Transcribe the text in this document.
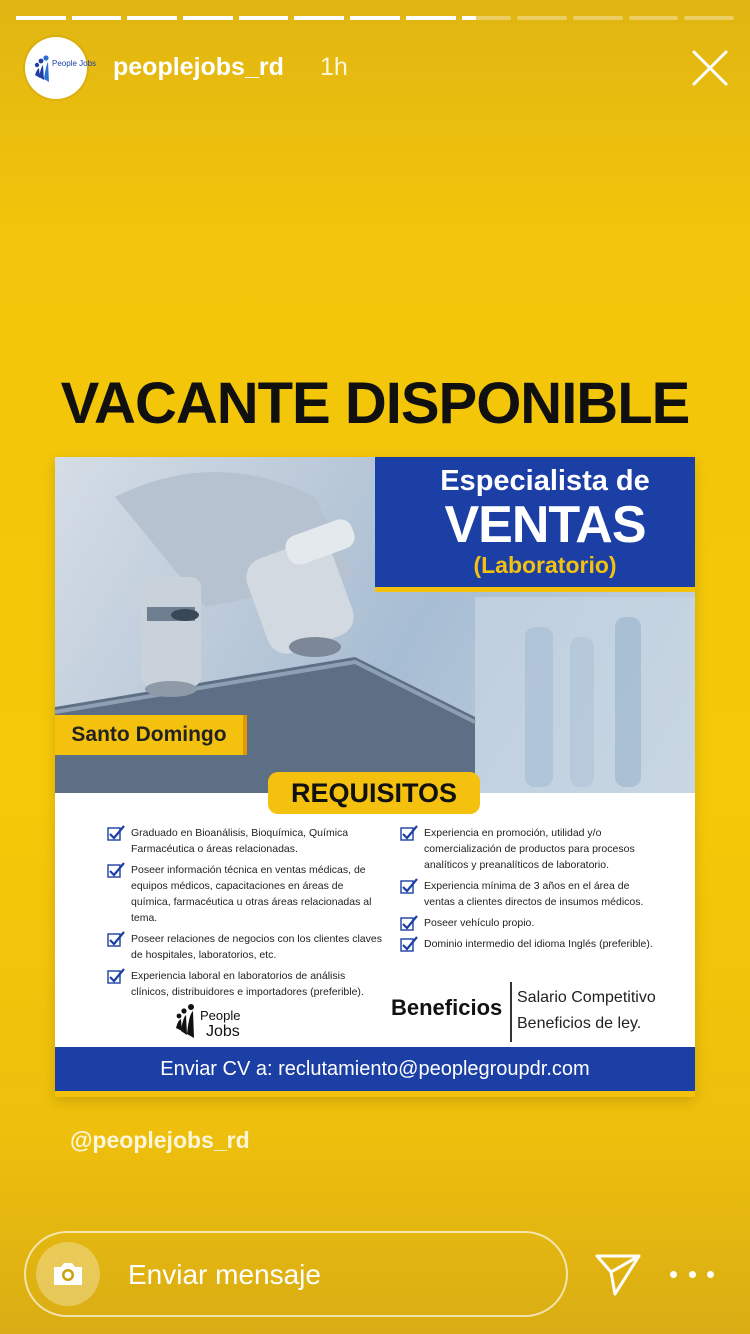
People Jobs peoplejobs_rd 1h
VACANTE DISPONIBLE
Especialista de
VENTAS
(Laboratorio)
Santo Domingo
REQUISITOS
Graduado en Bioanálisis, Bioquímica, Química Farmacéutica o áreas relacionadas.
Poseer información técnica en ventas médicas, de equipos médicos, capacitaciones en áreas de química, farmacéutica u otras áreas relacionadas al tema.
Poseer relaciones de negocios con los clientes claves de hospitales, laboratorios, etc.
Experiencia laboral en laboratorios de análisis clínicos, distribuidores e importadores (preferible).
Experiencia en promoción, utilidad y/o comercialización de productos para procesos analíticos y preanalíticos de laboratorio.
Experiencia mínima de 3 años en el área de ventas a clientes directos de insumos médicos.
Poseer vehículo propio.
Dominio intermedio del idioma Inglés (preferible).
People
Jobs
Beneficios Salario Competitivo
Beneficios de ley.
Enviar CV a: reclutamiento@peoplegroupdr.com
@peoplejobs_rd
Enviar mensaje
